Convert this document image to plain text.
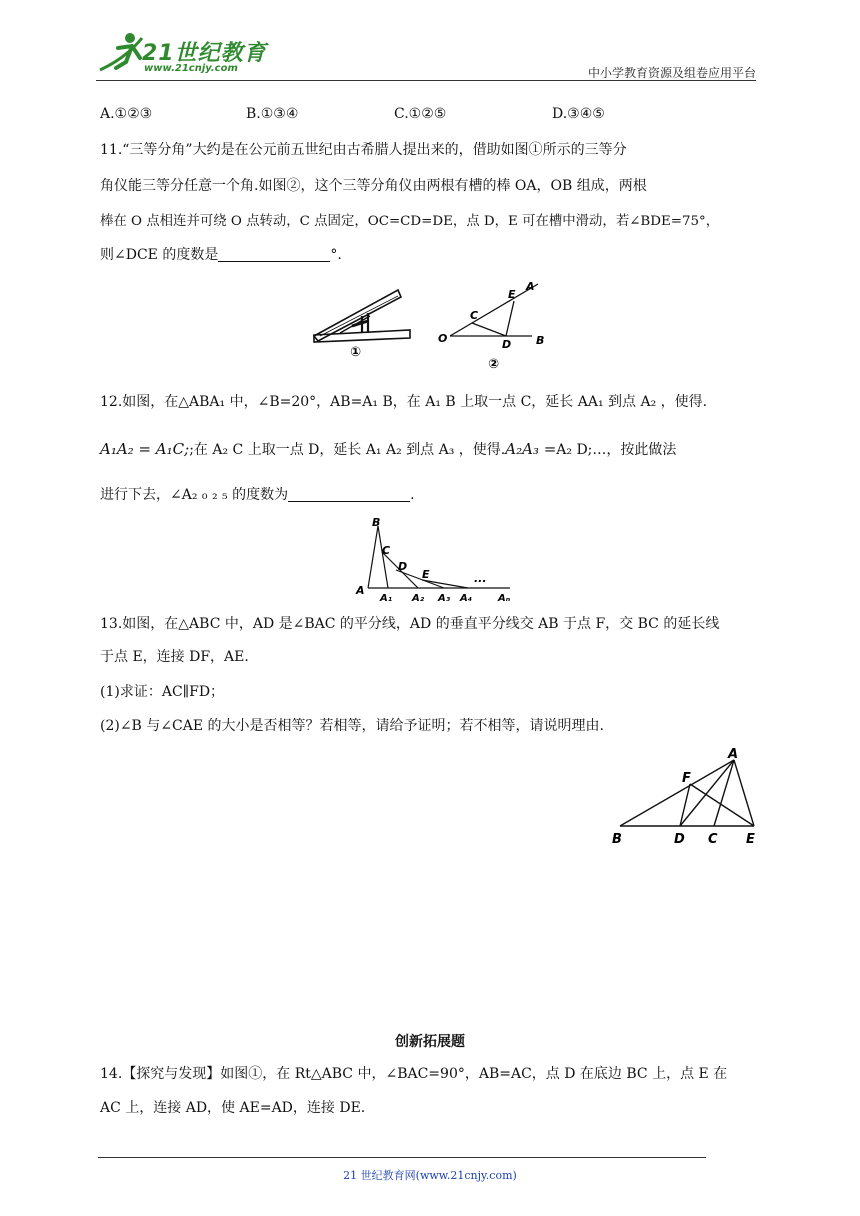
21世纪教育
www.21cnjy.com	中小学教育资源及组卷应用平台
A.①②③	B.①③④	C.①②⑤	D.③④⑤
11.“三等分角”大约是在公元前五世纪由古希腊人提出来的，借助如图①所示的三等分
角仪能三等分任意一个角.如图②，这个三等分角仪由两根有槽的棒 OA，OB 组成，两根
棒在 O 点相连并可绕 O 点转动，C 点固定，OC=CD=DE，点 D，E 可在槽中滑动，若∠BDE=75°，
则∠DCE 的度数是	°.
①
O
C
E
A
D B
②
12.如图，在△ABA₁ 中，∠B=20°，AB=A₁ B，在 A₁ B 上取一点 C，延长 AA₁ 到点 A₂ ，使得.
A₁A₂ = A₁C;;在 A₂ C 上取一点 D，延长 A₁ A₂ 到点 A₃ ，使得.A₂A₃ =A₂ D;…，按此做法
进行下去，∠A₂ ₀ ₂ ₅ 的度数为	.
B
C
D
E	...
A
A₁ A₂ A₃ A₄	Aₙ
13.如图，在△ABC 中，AD 是∠BAC 的平分线，AD 的垂直平分线交 AB 于点 F，交 BC 的延长线
于点 E，连接 DF，AE.
(1)求证：AC∥FD；
(2)∠B 与∠CAE 的大小是否相等？若相等，请给予证明；若不相等，请说明理由.
A
F
B	D C E
创新拓展题
14.【探究与发现】如图①，在 Rt△ABC 中，∠BAC=90°，AB=AC，点 D 在底边 BC 上，点 E 在
AC 上，连接 AD，使 AE=AD，连接 DE.
21 世纪教育网(www.21cnjy.com)
